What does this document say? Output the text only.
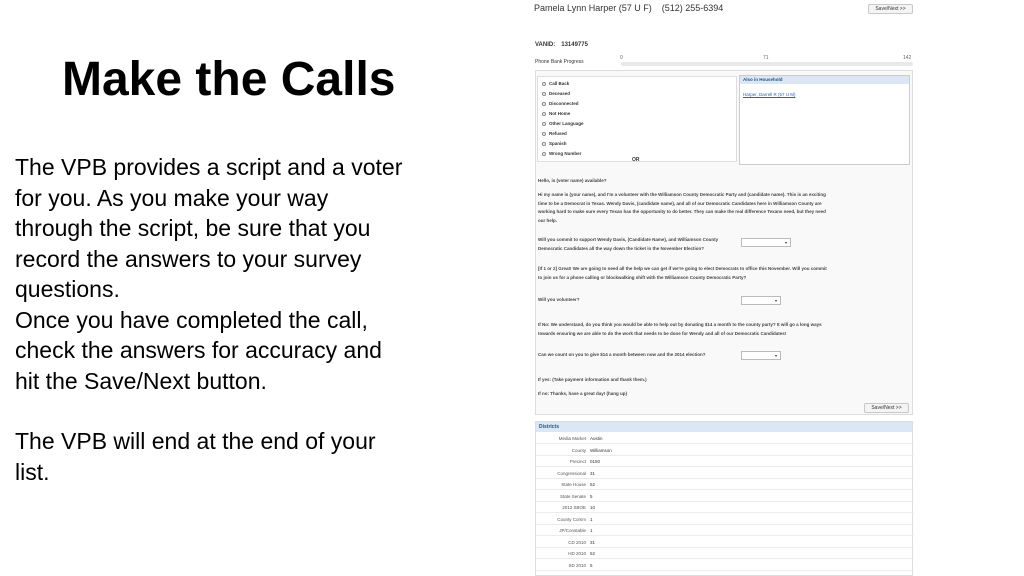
Make the Calls

The VPB provides a script and a voter
for you. As you make your way
through the script, be sure that you
record the answers to your survey
questions.

Once you have completed the call,
check the answers for accuracy and
hit the Save/Next button.

The VPB will end at the end of your
list.

Pamela Lynn Harper (57 U F) (512) 255-6394	Save/Next >>
VANID: 13149775
Phone Bank Progress
0	71	142
Call Back
Deceased
Disconnected
Not Home
Other Language
Refused
Spanish
Wrong Number
OR
Also in Household
Harper, Darrell R (57 U M)
Hello, is (voter name) available?
Hi my name is (your name), and I'm a volunteer with the Williamson County Democratic Party and (candidate name). This is an exciting time to be a Democrat in Texas. Wendy Davis, (candidate name), and all of our Democratic Candidates here in Williamson County are working hard to make sure every Texan has the opportunity to do better. They can make the real difference Texans need, but they need our help.
Will you commit to support Wendy Davis, (Candidate Name), and Williamson County Democratic Candidates all the way down the ticket in the November Election?
▾
[If 1 or 2] Great! We are going to need all the help we can get if we're going to elect Democrats to office this November. Will you commit to join us for a phone calling or blockwalking shift with the Williamson County Democratic Party?
Will you volunteer?	▾
If No: We understand, do you think you would be able to help out by donating $14 a month to the county party? It will go a long ways towards ensuring we are able to do the work that needs to be done for Wendy and all of our Democratic Candidates!
Can we count on you to give $14 a month between now and the 2014 election?	▾
If yes: (Take payment information and thank them.)
If no: Thanks, have a great day! (hang up)
Save/Next >>
Districts
Media Market Austin
County Williamson
Precinct 0150
Congressional 31
State House 52
State Senate 5
2012 SBOE 10
County Comm 1
JP/Constable 1
CD 2010 31
HD 2010 52
SD 2010 5
